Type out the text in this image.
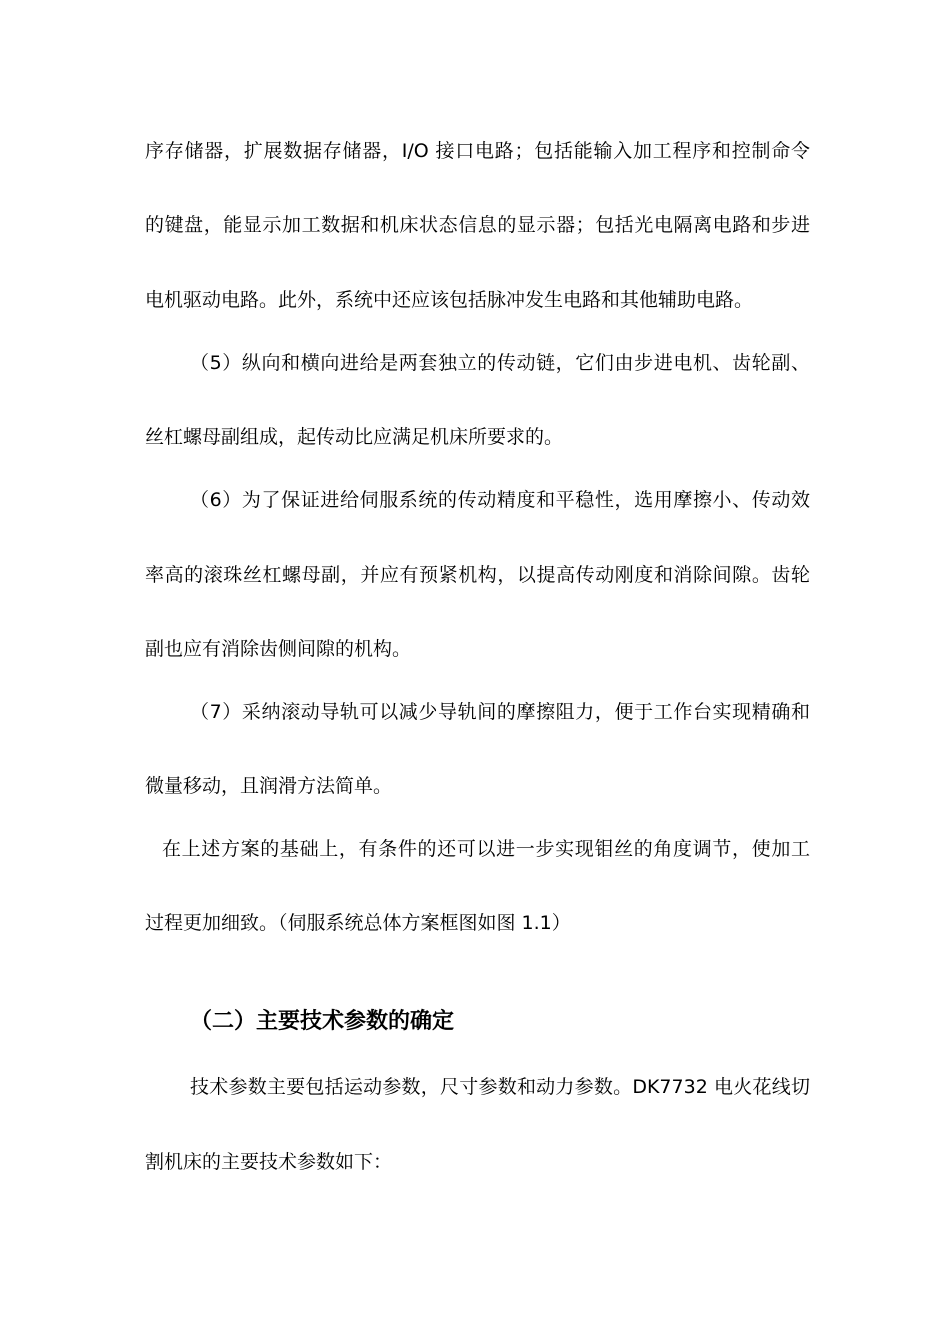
序存储器，扩展数据存储器，I/O 接口电路；包括能输入加工程序和控制命令
的键盘，能显示加工数据和机床状态信息的显示器；包括光电隔离电路和步进
电机驱动电路。此外，系统中还应该包括脉冲发生电路和其他辅助电路。
（5）纵向和横向进给是两套独立的传动链，它们由步进电机、齿轮副、
丝杠螺母副组成，起传动比应满足机床所要求的。
（6）为了保证进给伺服系统的传动精度和平稳性，选用摩擦小、传动效
率高的滚珠丝杠螺母副，并应有预紧机构，以提高传动刚度和消除间隙。齿轮
副也应有消除齿侧间隙的机构。
（7）采纳滚动导轨可以减少导轨间的摩擦阻力，便于工作台实现精确和
微量移动，且润滑方法简单。
在上述方案的基础上，有条件的还可以进一步实现钼丝的角度调节，使加工
过程更加细致。（伺服系统总体方案框图如图 1.1）
（二）主要技术参数的确定
技术参数主要包括运动参数，尺寸参数和动力参数。DK7732 电火花线切
割机床的主要技术参数如下：
